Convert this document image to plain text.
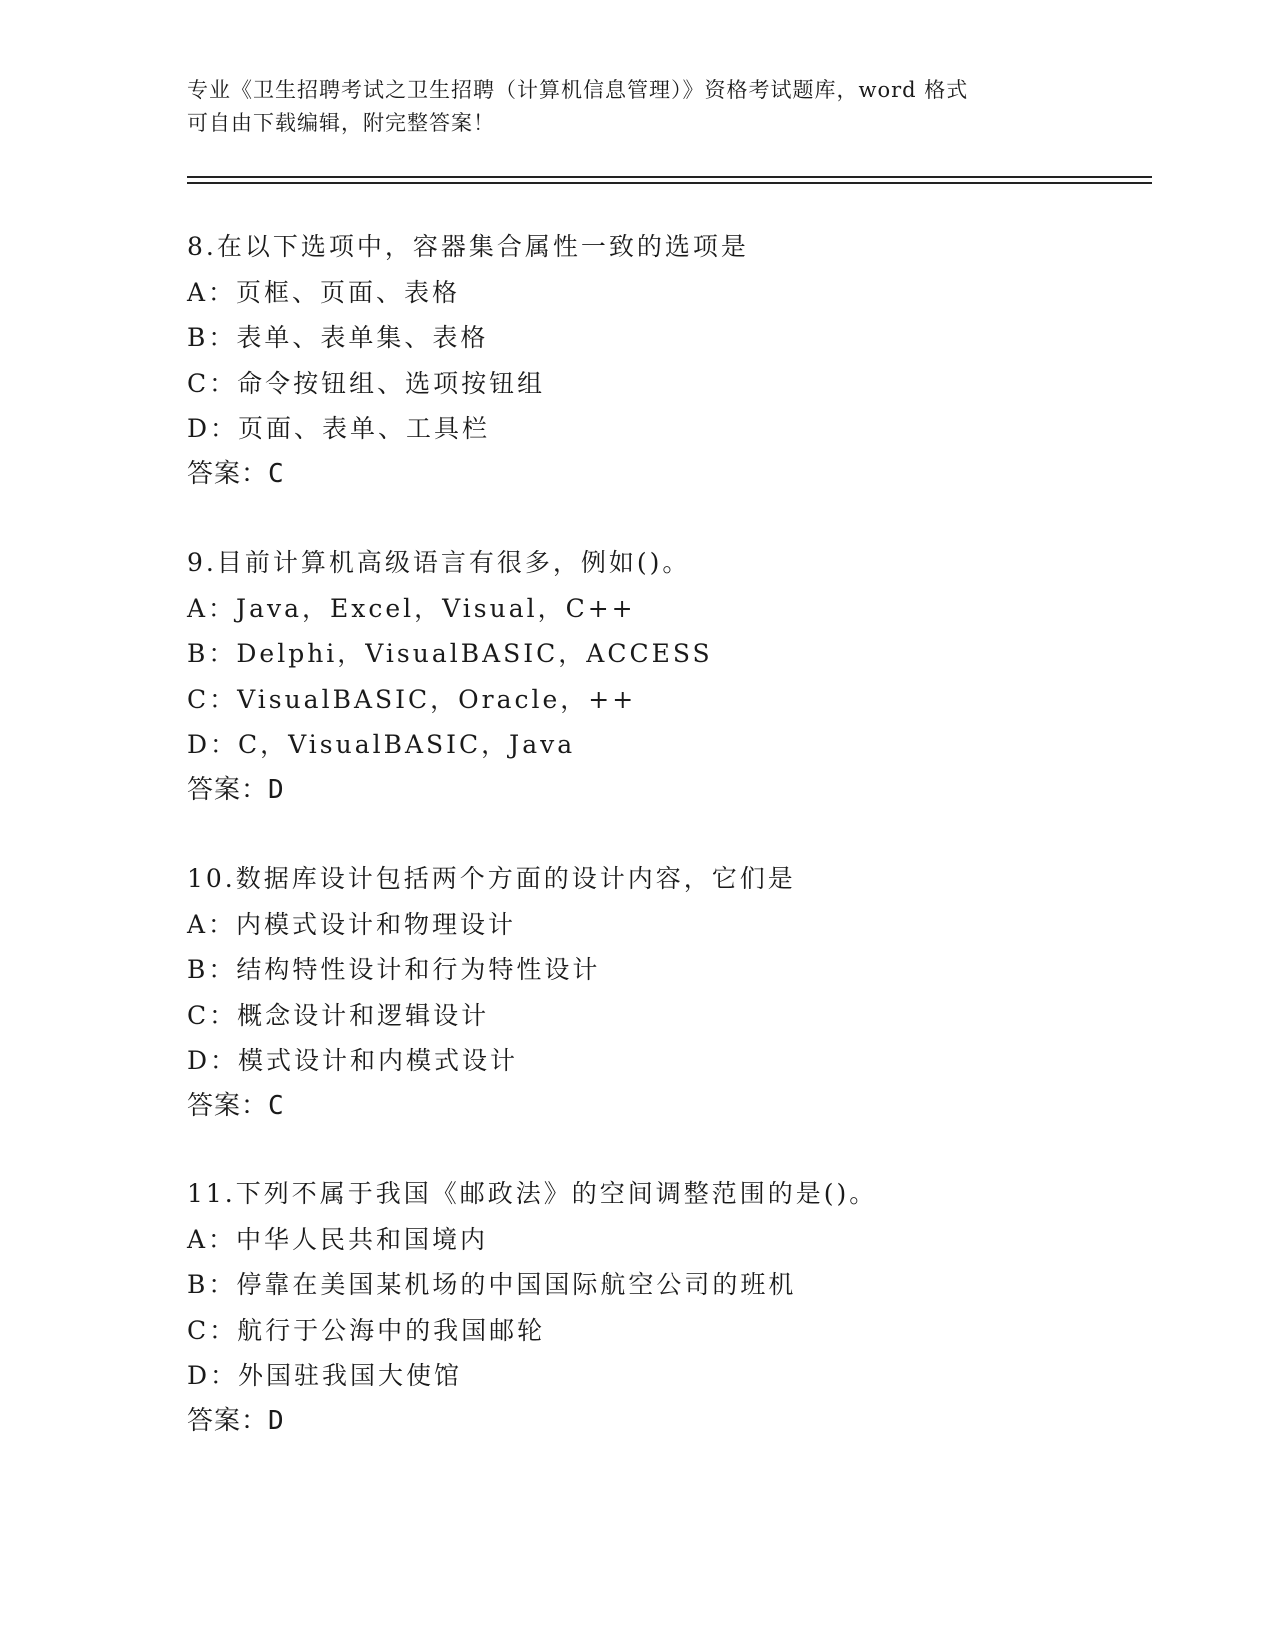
专业《卫生招聘考试之卫生招聘（计算机信息管理）》资格考试题库，word 格式
可自由下载编辑，附完整答案！
8.在以下选项中，容器集合属性一致的选项是
A：页框、页面、表格
B：表单、表单集、表格
C：命令按钮组、选项按钮组
D：页面、表单、工具栏
答案：C
9.目前计算机高级语言有很多，例如()。
A：Java，Excel，Visual，C++
B：Delphi，VisualBASIC，ACCESS
C：VisualBASIC，Oracle，++
D：C，VisualBASIC，Java
答案：D
10.数据库设计包括两个方面的设计内容，它们是
A：内模式设计和物理设计
B：结构特性设计和行为特性设计
C：概念设计和逻辑设计
D：模式设计和内模式设计
答案：C
11.下列不属于我国《邮政法》的空间调整范围的是()。
A：中华人民共和国境内
B：停靠在美国某机场的中国国际航空公司的班机
C：航行于公海中的我国邮轮
D：外国驻我国大使馆
答案：D
